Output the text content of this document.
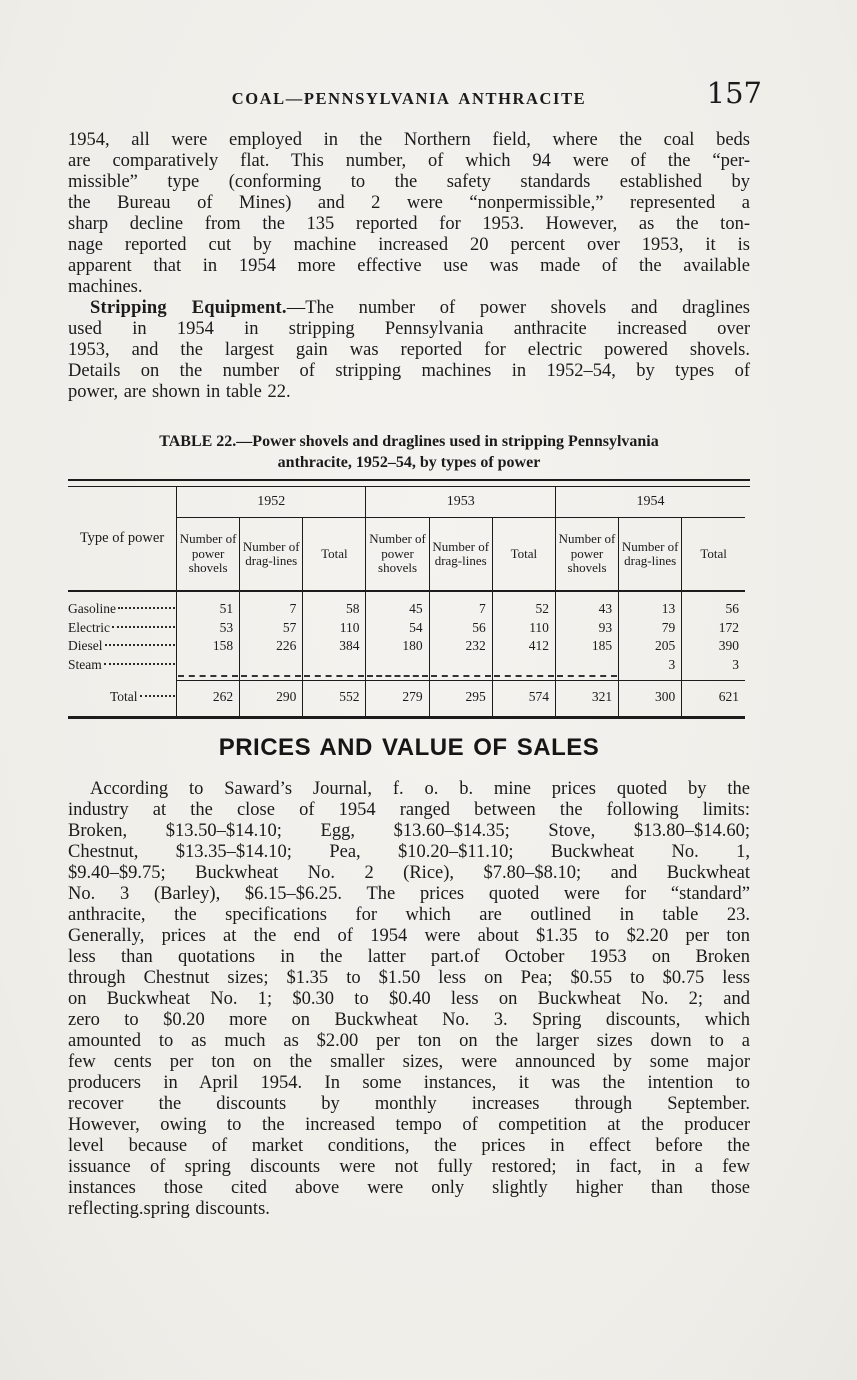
COAL—PENNSYLVANIA ANTHRACITE	157
1954, all were employed in the Northern field, where the coal beds
are comparatively flat. This number, of which 94 were of the “per-
missible” type (conforming to the safety standards established by
the Bureau of Mines) and 2 were “nonpermissible,” represented a
sharp decline from the 135 reported for 1953. However, as the ton-
nage reported cut by machine increased 20 percent over 1953, it is
apparent that in 1954 more effective use was made of the available
machines.
Stripping Equipment.—The number of power shovels and draglines
used in 1954 in stripping Pennsylvania anthracite increased over
1953, and the largest gain was reported for electric powered shovels.
Details on the number of stripping machines in 1952–54, by types of
power, are shown in table 22.
TABLE 22.—Power shovels and draglines used in stripping Pennsylvania
anthracite, 1952–54, by types of power
Type of power	1952			1953			1954		
	Number of power shovels	Number of drag-lines	Total	Number of power shovels	Number of drag-lines	Total	Number of power shovels	Number of drag-lines	Total

Gasoline	51	7	58	45	7	52	43	13	56

Electric	53	57	110	54	56	110	93	79	172

Diesel	158	226	384	180	232	412	185	205	390

Steam								3	3

Total	262	290	552	279	295	574	321	300	621
PRICES AND VALUE OF SALES
According to Saward’s Journal, f. o. b. mine prices quoted by the
industry at the close of 1954 ranged between the following limits:
Broken, $13.50–$14.10; Egg, $13.60–$14.35; Stove, $13.80–$14.60;
Chestnut, $13.35–$14.10; Pea, $10.20–$11.10; Buckwheat No. 1,
$9.40–$9.75; Buckwheat No. 2 (Rice), $7.80–$8.10; and Buckwheat
No. 3 (Barley), $6.15–$6.25. The prices quoted were for “standard”
anthracite, the specifications for which are outlined in table 23.
Generally, prices at the end of 1954 were about $1.35 to $2.20 per ton
less than quotations in the latter part.of October 1953 on Broken
through Chestnut sizes; $1.35 to $1.50 less on Pea; $0.55 to $0.75 less
on Buckwheat No. 1; $0.30 to $0.40 less on Buckwheat No. 2; and
zero to $0.20 more on Buckwheat No. 3. Spring discounts, which
amounted to as much as $2.00 per ton on the larger sizes down to a
few cents per ton on the smaller sizes, were announced by some major
producers in April 1954. In some instances, it was the intention to
recover the discounts by monthly increases through September.
However, owing to the increased tempo of competition at the producer
level because of market conditions, the prices in effect before the
issuance of spring discounts were not fully restored; in fact, in a few
instances those cited above were only slightly higher than those
reflecting.spring discounts.
